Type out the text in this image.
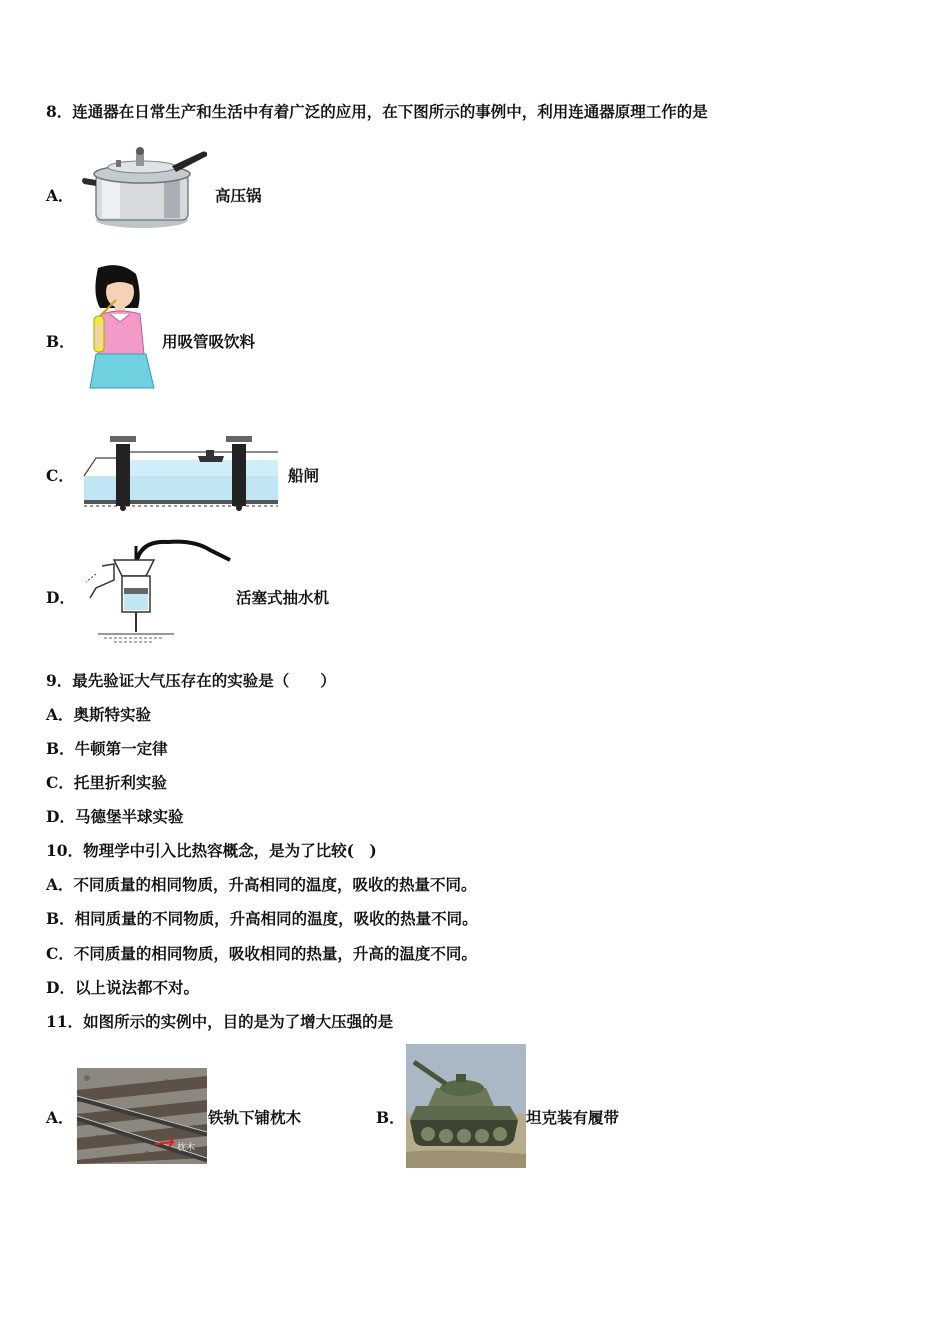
8．连通器在日常生产和生活中有着广泛的应用，在下图所示的事例中，利用连通器原理工作的是
A．	高压锅
B．	用吸管吸饮料
C．	船闸
D．	活塞式抽水机
9．最先验证大气压存在的实验是（　　）
A．奥斯特实验
B．牛顿第一定律
C．托里折利实验
D．马德堡半球实验
10．物理学中引入比热容概念，是为了比较(　)
A．不同质量的相同物质，升高相同的温度，吸收的热量不同。
B．相同质量的不同物质，升高相同的温度，吸收的热量不同。
C．不同质量的相同物质，吸收相同的热量，升高的温度不同。
D．以上说法都不对。
11．如图所示的实例中，目的是为了增大压强的是
A．
枕木
铁轨下铺枕木	B．	坦克装有履带
